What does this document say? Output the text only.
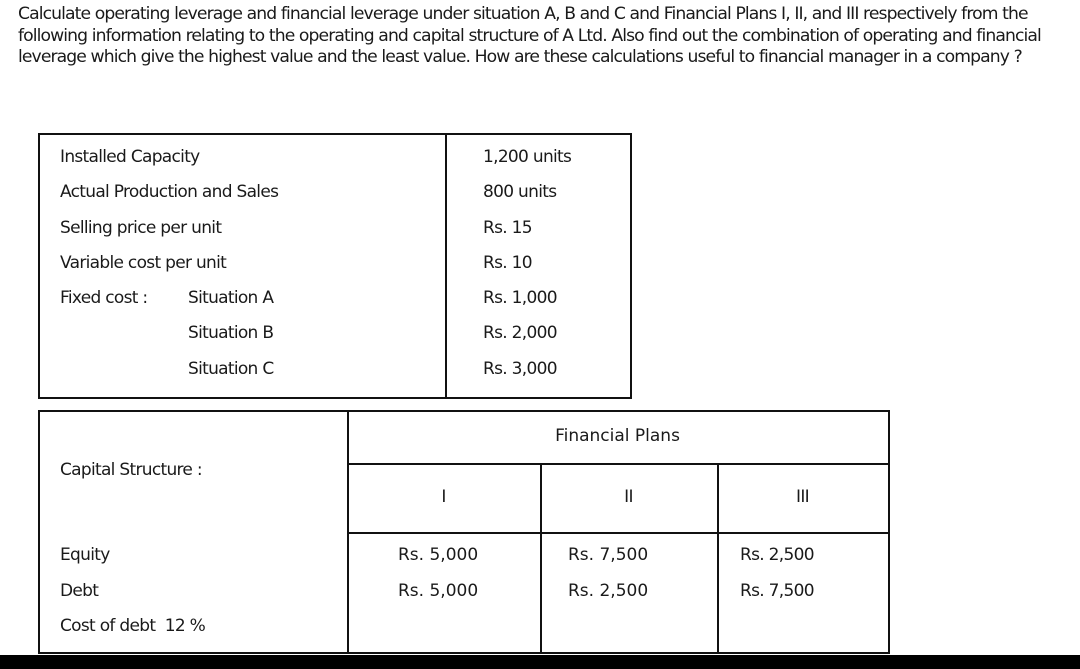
Calculate operating leverage and financial leverage under situation A, B and C and Financial Plans I, II, and III respectively from the following information relating to the operating and capital structure of A Ltd. Also find out the combination of operating and financial leverage which give the highest value and the least value. How are these calculations useful to financial manager in a company ?
Installed Capacity	1,200 units
Actual Production and Sales	800 units
Selling price per unit	Rs. 15
Variable cost per unit	Rs. 10
Fixed cost : Situation A	Rs. 1,000
Situation B	Rs. 2,000
Situation C	Rs. 3,000
Capital Structure :
Financial Plans
I	II	III
Equity	Rs. 5,000	Rs. 7,500	Rs. 2,500
Debt	Rs. 5,000	Rs. 2,500	Rs. 7,500
Cost of debt  12 %
